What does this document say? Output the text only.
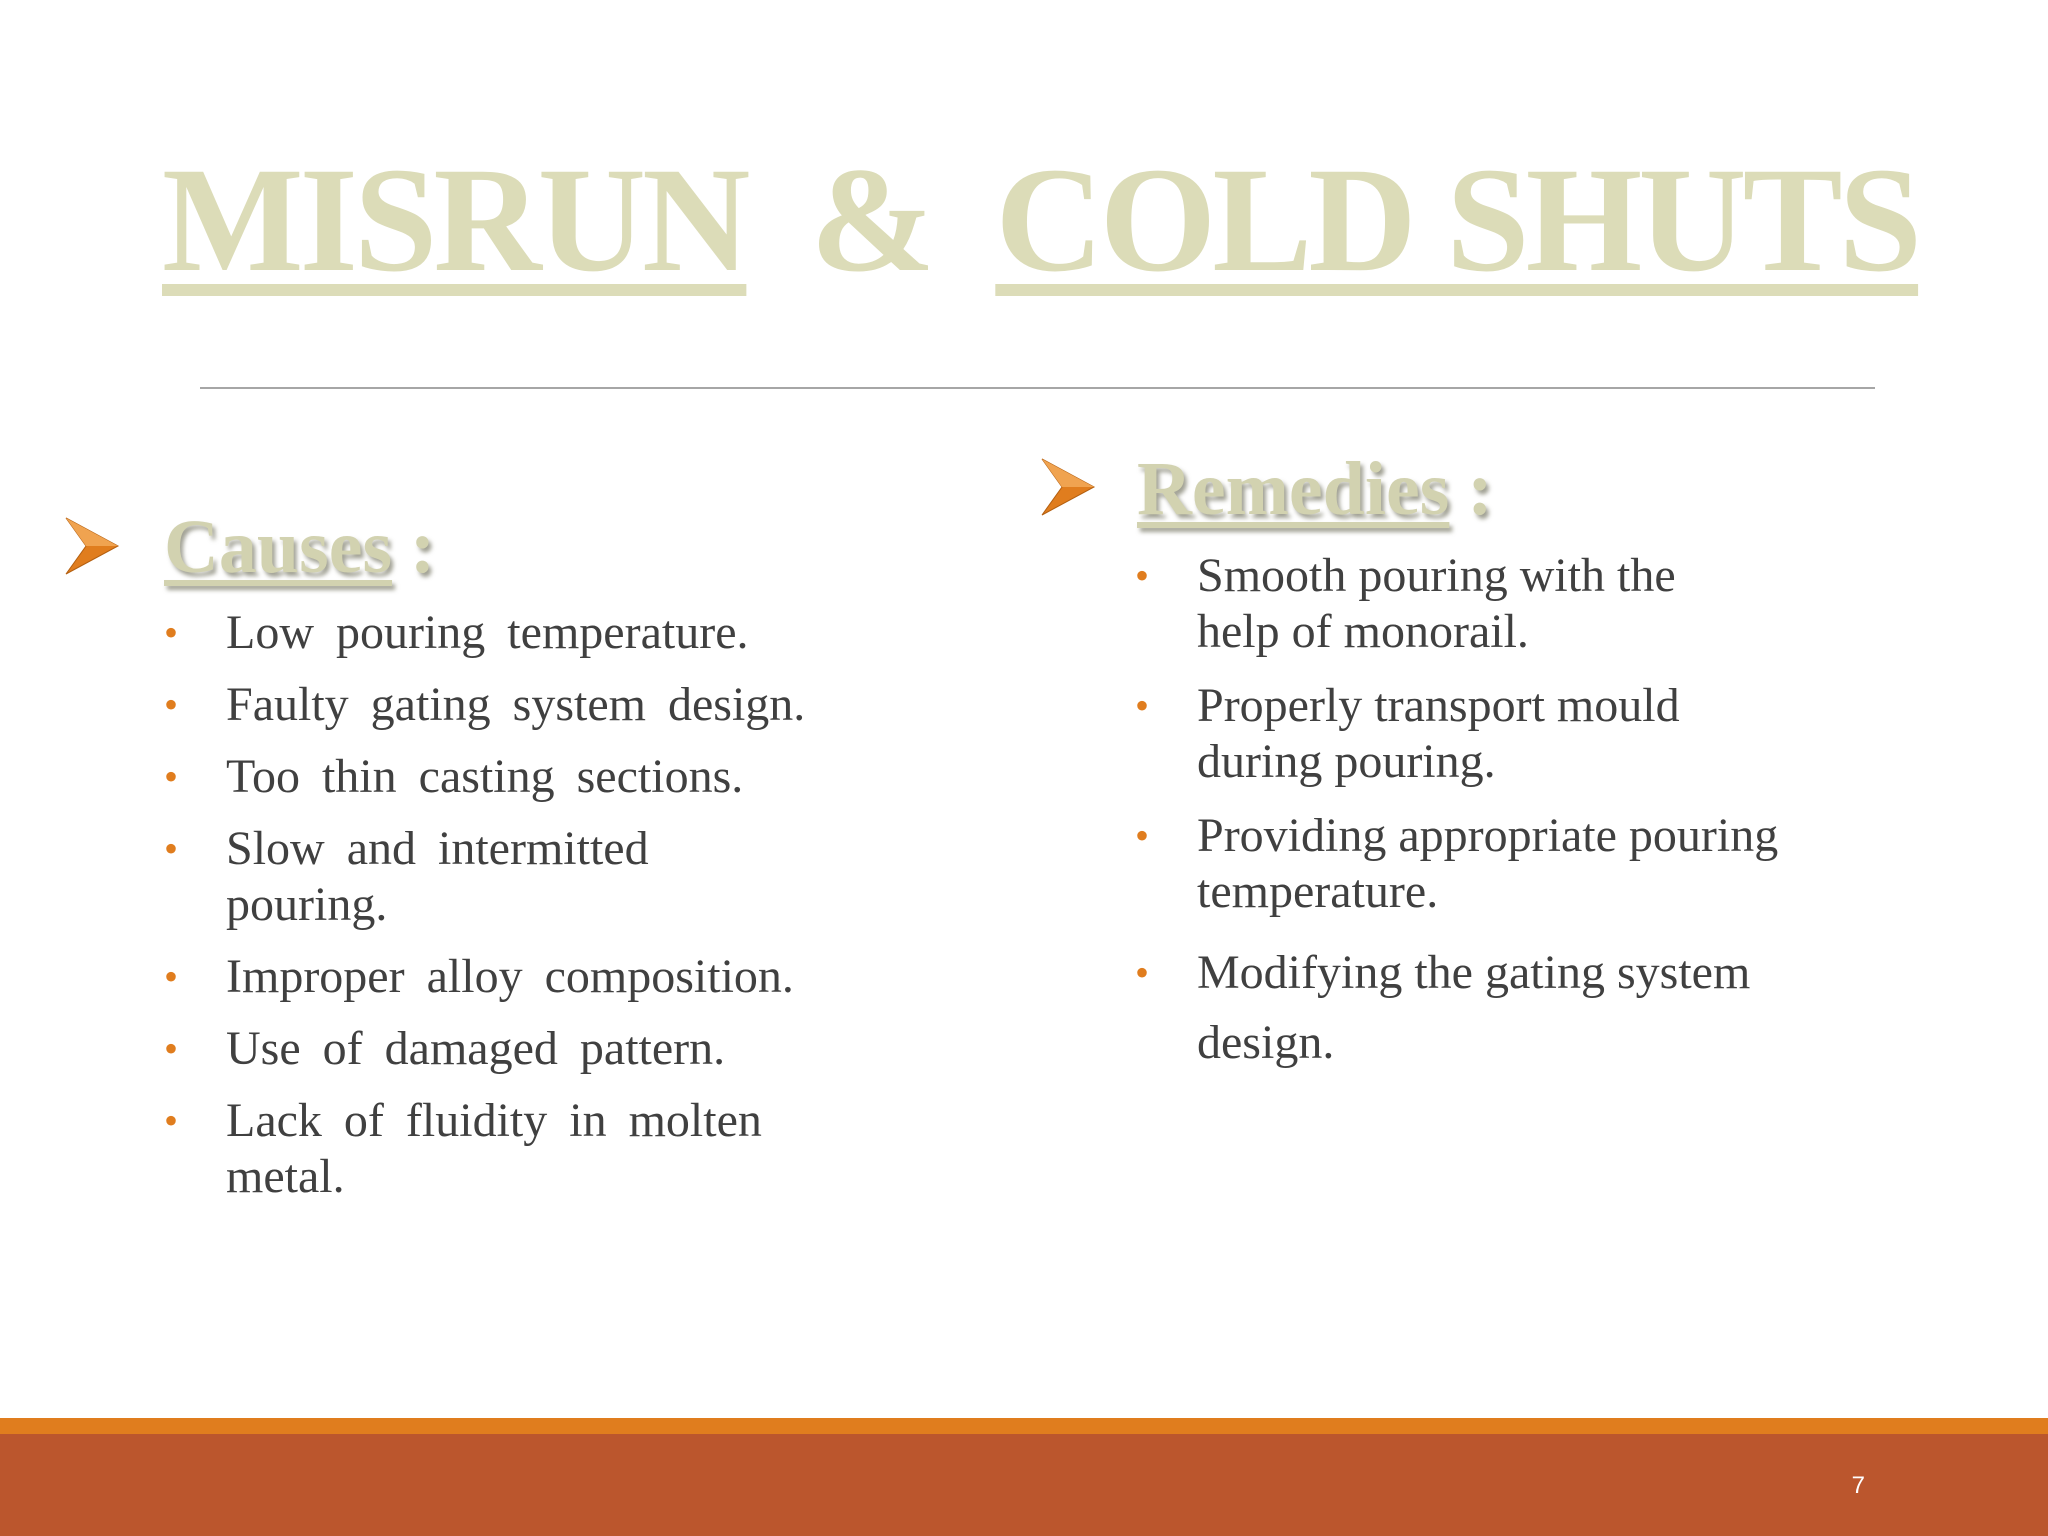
MISRUN & COLD SHUTS
Causes :
• Low pouring temperature.
• Faulty gating system design.
• Too thin casting sections.
• Slow and intermitted pouring.
• Improper alloy composition.
• Use of damaged pattern.
• Lack of fluidity in molten metal.
Remedies :
• Smooth pouring with the help of monorail.
• Properly transport mould during pouring.
• Providing appropriate pouring temperature.
• Modifying the gating system design.
7
